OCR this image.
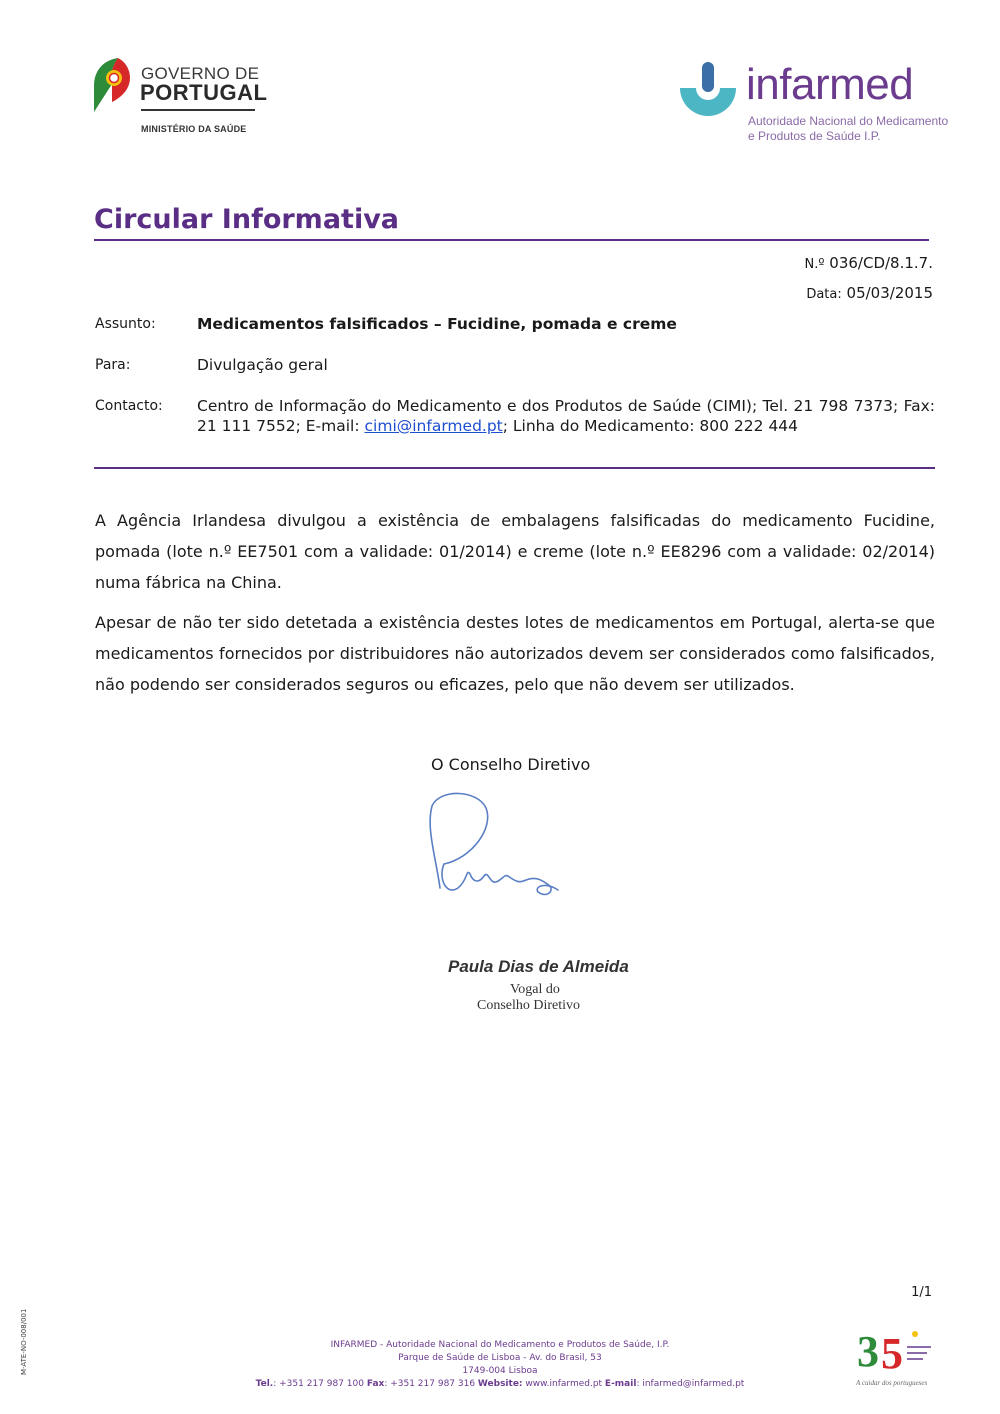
GOVERNO DE
PORTUGAL
MINISTÉRIO DA SAÚDE
infarmed
Autoridade Nacional do Medicamento
e Produtos de Saúde I.P.
Circular Informativa
N.º 036/CD/8.1.7.
Data: 05/03/2015
Assunto:	Medicamentos falsificados – Fucidine, pomada e creme
Para:	Divulgação geral
Contacto: Centro de Informação do Medicamento e dos Produtos de Saúde (CIMI); Tel. 21 798 7373; Fax: 21 111 7552; E-mail: cimi@infarmed.pt; Linha do Medicamento: 800 222 444
A Agência Irlandesa divulgou a existência de embalagens falsificadas do medicamento Fucidine, pomada (lote n.º EE7501 com a validade: 01/2014) e creme (lote n.º EE8296 com a validade: 02/2014) numa fábrica na China.
Apesar de não ter sido detetada a existência destes lotes de medicamentos em Portugal, alerta-se que medicamentos fornecidos por distribuidores não autorizados devem ser considerados como falsificados, não podendo ser considerados seguros ou eficazes, pelo que não devem ser utilizados.
O Conselho Diretivo
Paula Dias de Almeida
Vogal do
Conselho Diretivo
1/1
M-ATE-NO-008/001	INFARMED - Autoridade Nacional do Medicamento e Produtos de Saúde, I.P.
Parque de Saúde de Lisboa - Av. do Brasil, 53
1749-004 Lisboa
Tel.: +351 217 987 100 Fax: +351 217 987 316 Website: www.infarmed.pt E-mail: infarmed@infarmed.pt
3 5
A cuidar dos portugueses
